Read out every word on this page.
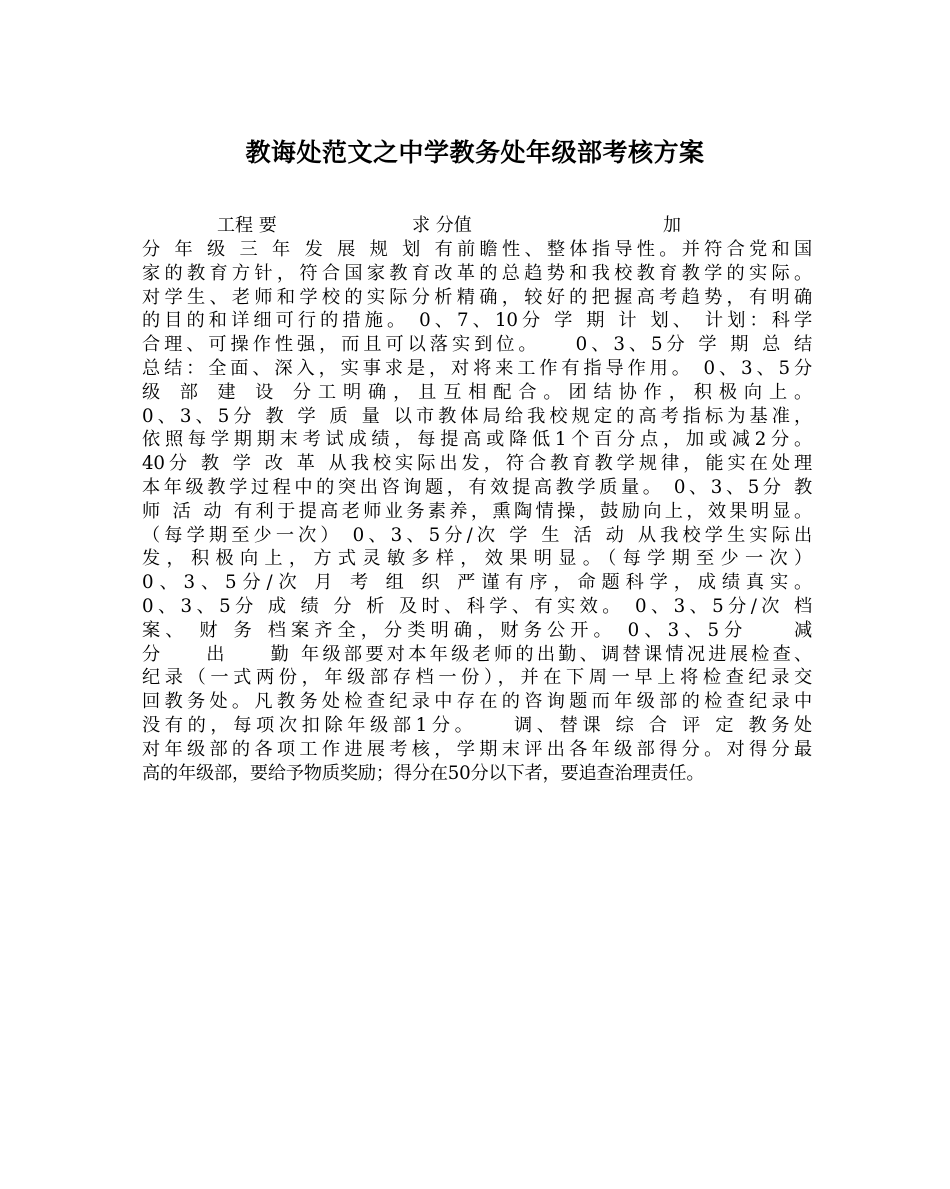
教诲处范文之中学教务处年级部考核方案
工程 要	求 分值	加
分 年 级 三 年 发 展 规 划 有前瞻性、整体指导性。并符合党和国
家的教育方针，符合国家教育改革的总趋势和我校教育教学的实际。
对学生、老师和学校的实际分析精确，较好的把握高考趋势，有明确
的目的和详细可行的措施。 0、7、10分 学 期 计 划、 计划：科学
合理、可操作性强，而且可以落实到位。　　0、3、5分 学 期 总 结
总结：全面、深入，实事求是，对将来工作有指导作用。 0、3、5分
级 部 建 设 分工明确，且互相配合。团结协作，积极向上。
0、3、5分 教 学 质 量 以市教体局给我校规定的高考指标为基准，
依照每学期期末考试成绩，每提高或降低1个百分点，加或减2分。
40分 教 学 改 革 从我校实际出发，符合教育教学规律，能实在处理
本年级教学过程中的突出咨询题，有效提高教学质量。 0、3、5分 教
师 活 动 有利于提高老师业务素养，熏陶情操，鼓励向上，效果明显。
（每学期至少一次） 0、3、5分/次 学 生 活 动 从我校学生实际出
发，积极向上，方式灵敏多样，效果明显。（每学期至少一次）
0、3、5分/次 月 考 组 织 严谨有序，命题科学，成绩真实。
0、3、5分 成 绩 分 析 及时、科学、有实效。 0、3、5分/次 档
案、 财 务 档案齐全，分类明确，财务公开。 0、3、5分　　减
分　　出　　勤 年级部要对本年级老师的出勤、调替课情况进展检查、
纪录（一式两份，年级部存档一份），并在下周一早上将检查纪录交
回教务处。凡教务处检查纪录中存在的咨询题而年级部的检查纪录中
没有的，每项次扣除年级部1分。　　调、替课 综 合 评 定 教务处
对年级部的各项工作进展考核，学期末评出各年级部得分。对得分最
高的年级部，要给予物质奖励；得分在50分以下者，要追查治理责任。
